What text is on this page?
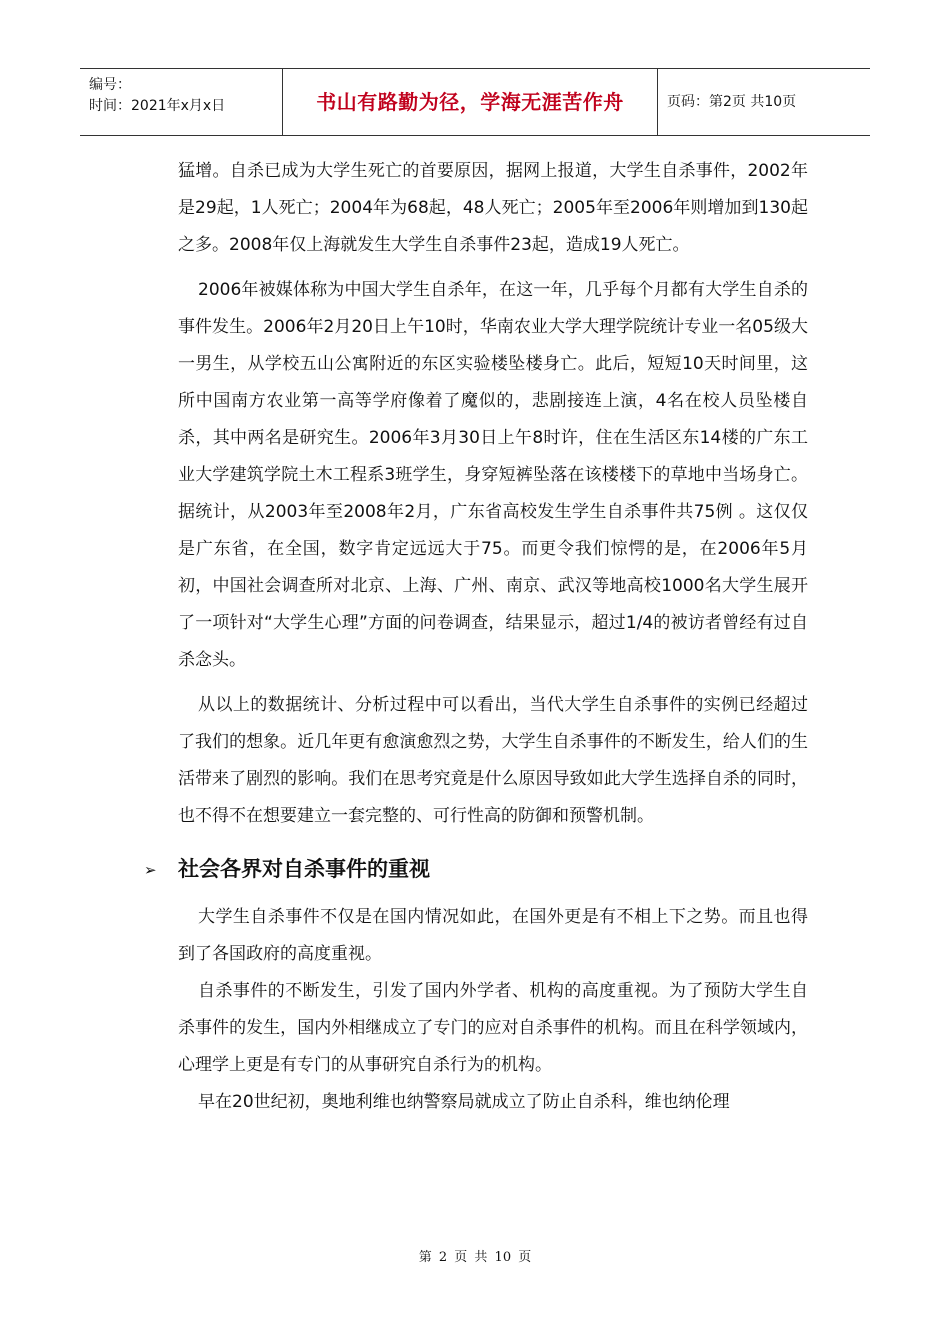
编号：
时间：2021年x月x日	书山有路勤为径，学海无涯苦作舟	页码：第2页 共10页

猛增。自杀已成为大学生死亡的首要原因，据网上报道，大学生自杀事件，2002年是29起，1人死亡；2004年为68起，48人死亡；2005年至2006年则增加到130起之多。2008年仅上海就发生大学生自杀事件23起，造成19人死亡。

2006年被媒体称为中国大学生自杀年，在这一年，几乎每个月都有大学生自杀的事件发生。2006年2月20日上午10时，华南农业大学大理学院统计专业一名05级大一男生，从学校五山公寓附近的东区实验楼坠楼身亡。此后，短短10天时间里，这所中国南方农业第一高等学府像着了魔似的，悲剧接连上演，4名在校人员坠楼自杀，其中两名是研究生。2006年3月30日上午8时许，住在生活区东14楼的广东工业大学建筑学院土木工程系3班学生，身穿短裤坠落在该楼楼下的草地中当场身亡。据统计，从2003年至2008年2月，广东省高校发生学生自杀事件共75例 。这仅仅是广东省，在全国，数字肯定远远大于75。而更令我们惊愕的是，在2006年5月初，中国社会调查所对北京、上海、广州、南京、武汉等地高校1000名大学生展开了一项针对“大学生心理”方面的问卷调查，结果显示，超过1/4的被访者曾经有过自杀念头。

从以上的数据统计、分析过程中可以看出，当代大学生自杀事件的实例已经超过了我们的想象。近几年更有愈演愈烈之势，大学生自杀事件的不断发生，给人们的生活带来了剧烈的影响。我们在思考究竟是什么原因导致如此大学生选择自杀的同时，也不得不在想要建立一套完整的、可行性高的防御和预警机制。

➢ 社会各界对自杀事件的重视

大学生自杀事件不仅是在国内情况如此，在国外更是有不相上下之势。而且也得到了各国政府的高度重视。

自杀事件的不断发生，引发了国内外学者、机构的高度重视。为了预防大学生自杀事件的发生，国内外相继成立了专门的应对自杀事件的机构。而且在科学领域内，心理学上更是有专门的从事研究自杀行为的机构。

早在20世纪初，奥地利维也纳警察局就成立了防止自杀科，维也纳伦理

第 2 页 共 10 页
